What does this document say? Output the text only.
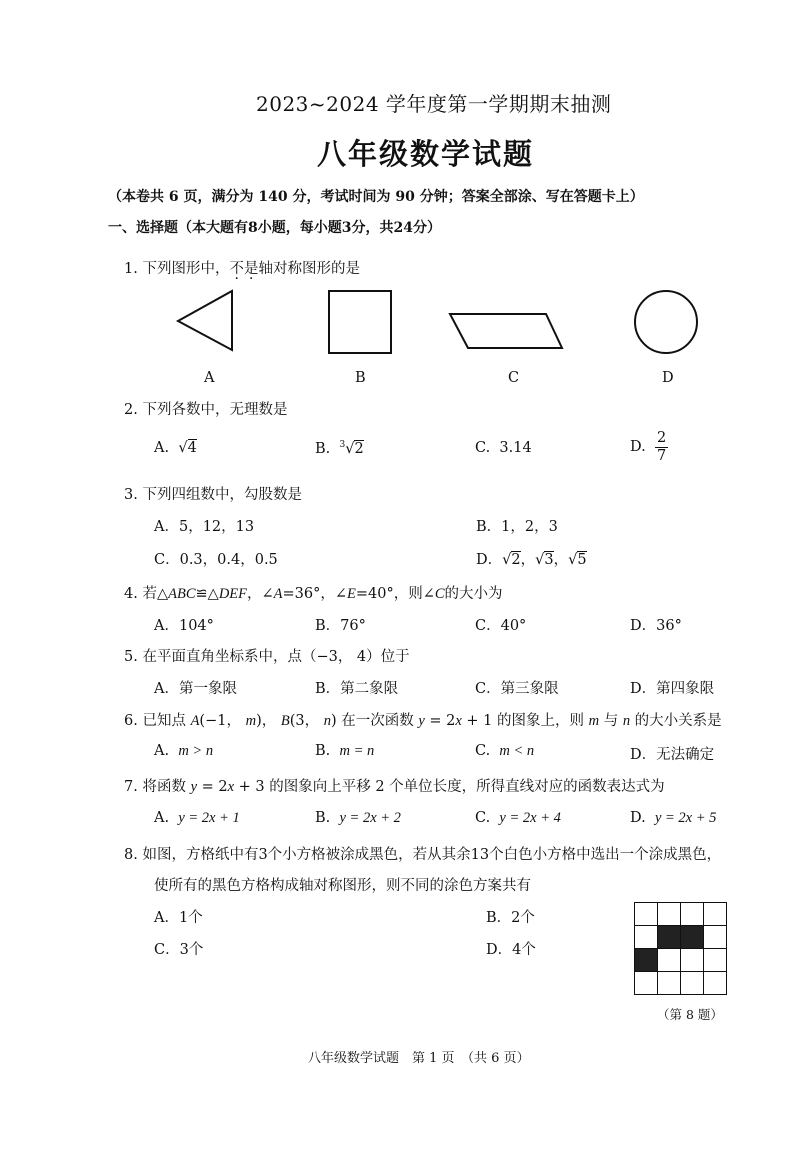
2023~2024 学年度第一学期期末抽测
八年级数学试题
（本卷共 6 页，满分为 140 分，考试时间为 90 分钟；答案全部涂、写在答题卡上）
一、选择题（本大题有8小题，每小题3分，共24分）
1. 下列图形中，不是轴对称图形的是
A	B	C	D
2. 下列各数中，无理数是
A. √4	B. $^3$√2	C. 3.14	D. $\frac{2}{7}$
3. 下列四组数中，勾股数是
A．5，12，13	B．1，2，3
C．0.3，0.4，0.5	D．√2，√3，√5
4. 若△ABC≌△DEF，∠A=36°，∠E=40°，则∠C的大小为
A．104°	B．76°	C．40°	D．36°
5. 在平面直角坐标系中，点（−3， 4）位于
A．第一象限	B．第二象限	C．第三象限	D．第四象限
6. 已知点 A(−1， m)， B(3， n) 在一次函数 y = 2x + 1 的图象上，则 m 与 n 的大小关系是
A. m > n	B. m = n	C. m < n	D．无法确定
7. 将函数 y = 2x + 3 的图象向上平移 2 个单位长度，所得直线对应的函数表达式为
A. y = 2x + 1	B. y = 2x + 2	C. y = 2x + 4	D. y = 2x + 5
8. 如图，方格纸中有3个小方格被涂成黑色，若从其余13个白色小方格中选出一个涂成黑色，
使所有的黑色方格构成轴对称图形，则不同的涂色方案共有
A．1个	B．2个
C．3个	D．4个

（第 8 题）
八年级数学试题　第 1 页　（共 6 页）
